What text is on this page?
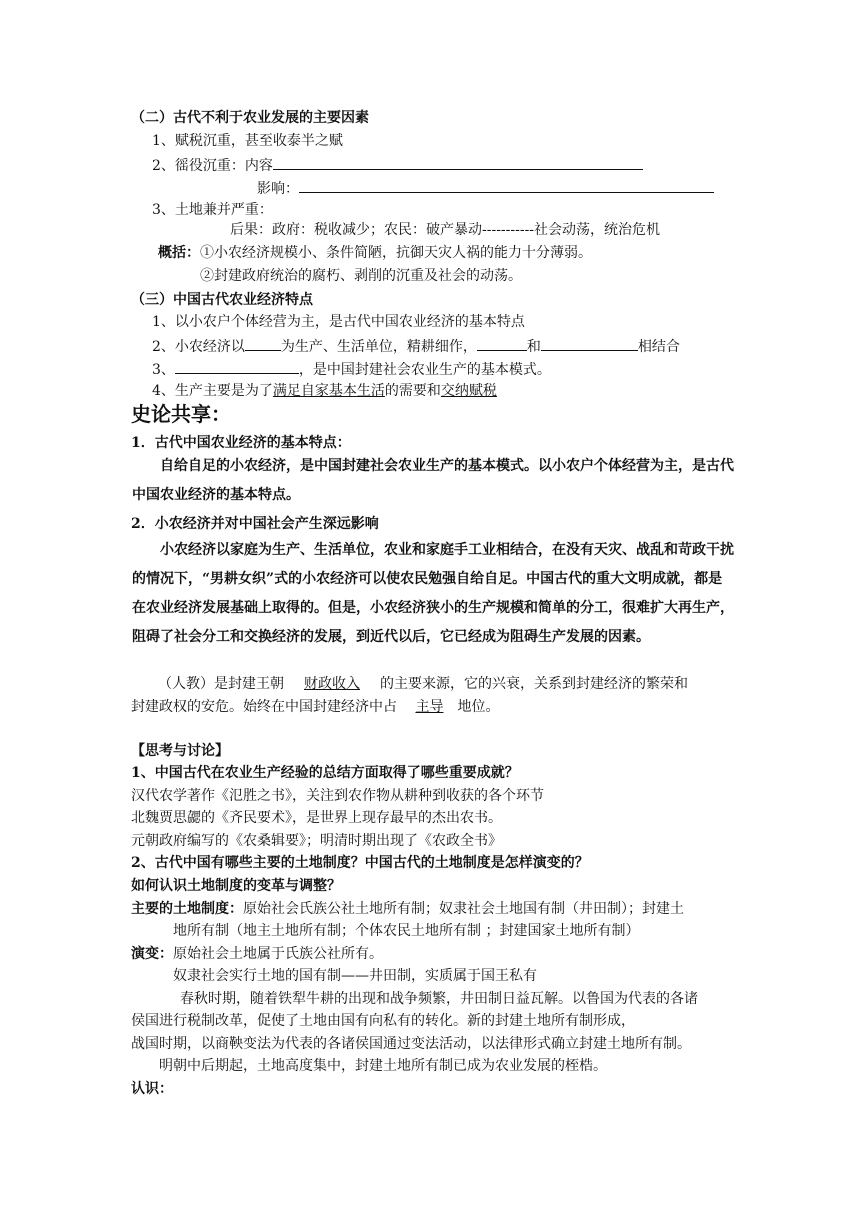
（二）古代不利于农业发展的主要因素
1、赋税沉重，甚至收泰半之赋
2、徭役沉重：内容
影响：
3、土地兼并严重：
后果：政府：税收减少；农民：破产暴动-----------社会动荡，统治危机
概括：①小农经济规模小、条件简陋，抗御天灾人祸的能力十分薄弱。
②封建政府统治的腐朽、剥削的沉重及社会的动荡。
（三）中国古代农业经济特点
1、以小农户个体经营为主，是古代中国农业经济的基本特点
2、小农经济以	为生产、生活单位，精耕细作，	和	相结合
3、	，是中国封建社会农业生产的基本模式。
4、生产主要是为了满足自家基本生活的需要和交纳赋税
史论共享：
1．古代中国农业经济的基本特点：
自给自足的小农经济，是中国封建社会农业生产的基本模式。以小农户个体经营为主，是古代中国农业经济的基本特点。
2．小农经济并对中国社会产生深远影响
小农经济以家庭为生产、生活单位，农业和家庭手工业相结合，在没有天灾、战乱和苛政干扰的情况下，“男耕女织”式的小农经济可以使农民勉强自给自足。中国古代的重大文明成就，都是在农业经济发展基础上取得的。但是，小农经济狭小的生产规模和简单的分工，很难扩大再生产，阻碍了社会分工和交换经济的发展，到近代以后，它已经成为阻碍生产发展的因素。
（人教）是封建王朝 财政收入 的主要来源，它的兴衰，关系到封建经济的繁荣和
封建政权的安危。始终在中国封建经济中占 主导 地位。
【思考与讨论】
1、中国古代在农业生产经验的总结方面取得了哪些重要成就？
汉代农学著作《氾胜之书》，关注到农作物从耕种到收获的各个环节
北魏贾思勰的《齐民要术》，是世界上现存最早的杰出农书。
元朝政府编写的《农桑辑要》；明清时期出现了《农政全书》
2、古代中国有哪些主要的土地制度？中国古代的土地制度是怎样演变的？
如何认识土地制度的变革与调整？
主要的土地制度：原始社会氏族公社土地所有制；奴隶社会土地国有制（井田制）；封建土
地所有制（地主土地所有制；个体农民土地所有制 ；封建国家土地所有制）
演变：原始社会土地属于氏族公社所有。
奴隶社会实行土地的国有制——井田制，实质属于国王私有
春秋时期，随着铁犁牛耕的出现和战争频繁，井田制日益瓦解。以鲁国为代表的各诸
侯国进行税制改革，促使了土地由国有向私有的转化。新的封建土地所有制形成，
战国时期，以商鞅变法为代表的各诸侯国通过变法活动，以法律形式确立封建土地所有制。
明朝中后期起，土地高度集中，封建土地所有制已成为农业发展的桎梏。
认识：
